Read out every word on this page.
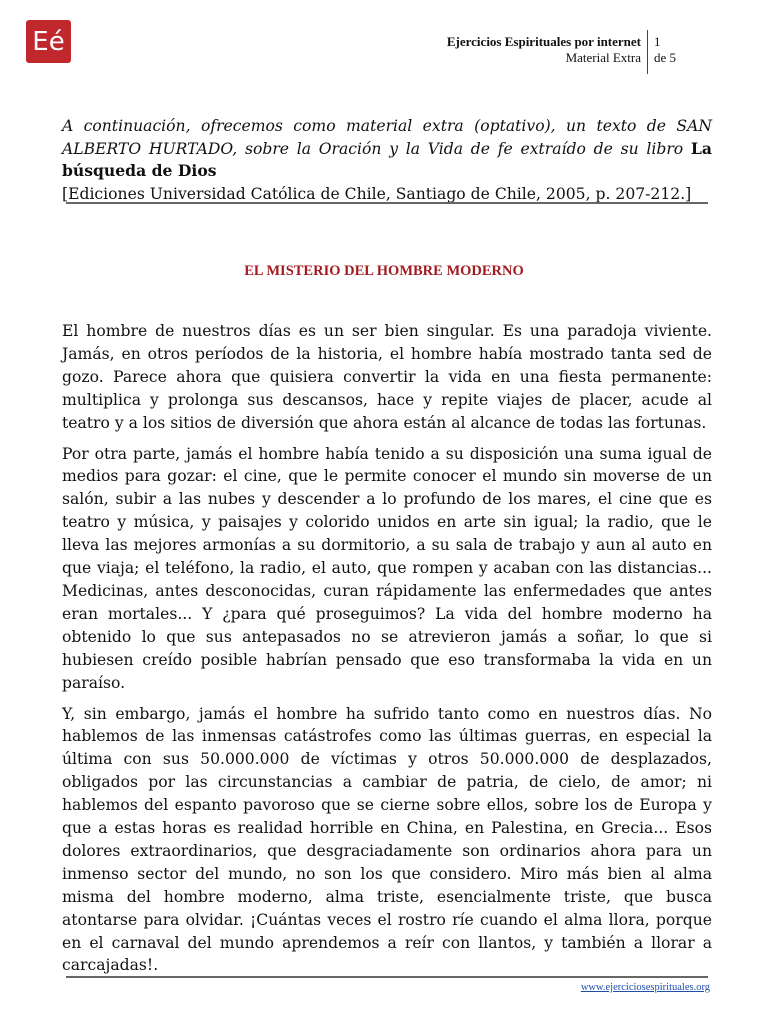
Eé	Ejercicios Espirituales por internet
Material Extra
1
de 5
A continuación, ofrecemos como material extra (optativo), un texto de SAN ALBERTO HURTADO, sobre la Oración y la Vida de fe extraído de su libro La búsqueda de Dios
[Ediciones Universidad Católica de Chile, Santiago de Chile, 2005, p. 207-212.]
EL MISTERIO DEL HOMBRE MODERNO

El hombre de nuestros días es un ser bien singular. Es una paradoja viviente. Jamás, en otros períodos de la historia, el hombre había mostrado tanta sed de gozo. Parece ahora que quisiera convertir la vida en una fiesta permanente: multiplica y prolonga sus descansos, hace y repite viajes de placer, acude al teatro y a los sitios de diversión que ahora están al alcance de todas las fortunas.

Por otra parte, jamás el hombre había tenido a su disposición una suma igual de medios para gozar: el cine, que le permite conocer el mundo sin moverse de un salón, subir a las nubes y descender a lo profundo de los mares, el cine que es teatro y música, y paisajes y colorido unidos en arte sin igual; la radio, que le lleva las mejores armonías a su dormitorio, a su sala de trabajo y aun al auto en que viaja; el teléfono, la radio, el auto, que rompen y acaban con las distancias... Medicinas, antes desconocidas, curan rápidamente las enfermedades que antes eran mortales... Y ¿para qué proseguimos? La vida del hombre moderno ha obtenido lo que sus antepasados no se atrevieron jamás a soñar, lo que si hubiesen creído posible habrían pensado que eso transformaba la vida en un paraíso.

Y, sin embargo, jamás el hombre ha sufrido tanto como en nuestros días. No hablemos de las inmensas catástrofes como las últimas guerras, en especial la última con sus 50.000.000 de víctimas y otros 50.000.000 de desplazados, obligados por las circunstancias a cambiar de patria, de cielo, de amor; ni hablemos del espanto pavoroso que se cierne sobre ellos, sobre los de Europa y que a estas horas es realidad horrible en China, en Palestina, en Grecia... Esos dolores extraordinarios, que desgraciadamente son ordinarios ahora para un inmenso sector del mundo, no son los que considero. Miro más bien al alma misma del hombre moderno, alma triste, esencialmente triste, que busca atontarse para olvidar. ¡Cuántas veces el rostro ríe cuando el alma llora, porque en el carnaval del mundo aprendemos a reír con llantos, y también a llorar a carcajadas!.

www.ejerciciosespirituales.org
